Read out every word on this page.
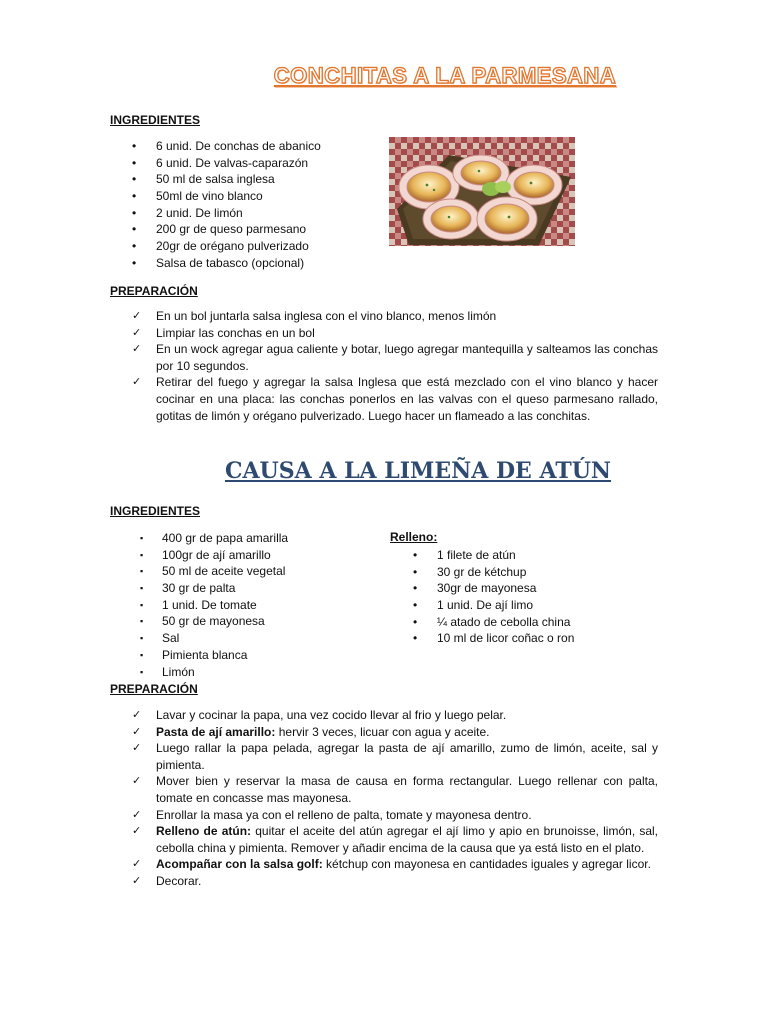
CONCHITAS A LA PARMESANA
INGREDIENTES
• 6 unid. De conchas de abanico
• 6 unid. De valvas-caparazón
• 50 ml de salsa inglesa
• 50ml de vino blanco
• 2 unid. De limón
• 200 gr de queso parmesano
• 20gr de orégano pulverizado
• Salsa de tabasco (opcional)
PREPARACIÓN
✓ En un bol juntarla salsa inglesa con el vino blanco, menos limón
✓ Limpiar las conchas en un bol
✓ En un wock agregar agua caliente y botar, luego agregar mantequilla y salteamos las conchas por 10 segundos.
✓ Retirar del fuego y agregar la salsa Inglesa que está mezclado con el vino blanco y hacer cocinar en una placa: las conchas ponerlos en las valvas con el queso parmesano rallado, gotitas de limón y orégano pulverizado. Luego hacer un flameado a las conchitas.
CAUSA A LA LIMEÑA DE ATÚN
INGREDIENTES
▪ 400 gr de papa amarilla
▪ 100gr de ají amarillo
▪ 50 ml de aceite vegetal
▪ 30 gr de palta
▪ 1 unid. De tomate
▪ 50 gr de mayonesa
▪ Sal
▪ Pimienta blanca
▪ Limón
Relleno:
• 1 filete de atún
• 30 gr de kétchup
• 30gr de mayonesa
• 1 unid. De ají limo
• ¼ atado de cebolla china
• 10 ml de licor coñac o ron
PREPARACIÓN
✓ Lavar y cocinar la papa, una vez cocido llevar al frio y luego pelar.
✓ Pasta de ají amarillo: hervir 3 veces, licuar con agua y aceite.
✓ Luego rallar la papa pelada, agregar la pasta de ají amarillo, zumo de limón, aceite, sal y pimienta.
✓ Mover bien y reservar la masa de causa en forma rectangular. Luego rellenar con palta, tomate en concasse mas mayonesa.
✓ Enrollar la masa ya con el relleno de palta, tomate y mayonesa dentro.
✓ Relleno de atún: quitar el aceite del atún agregar el ají limo y apio en brunoisse, limón, sal, cebolla china y pimienta. Remover y añadir encima de la causa que ya está listo en el plato.
✓ Acompañar con la salsa golf: kétchup con mayonesa en cantidades iguales y agregar licor.
✓ Decorar.
